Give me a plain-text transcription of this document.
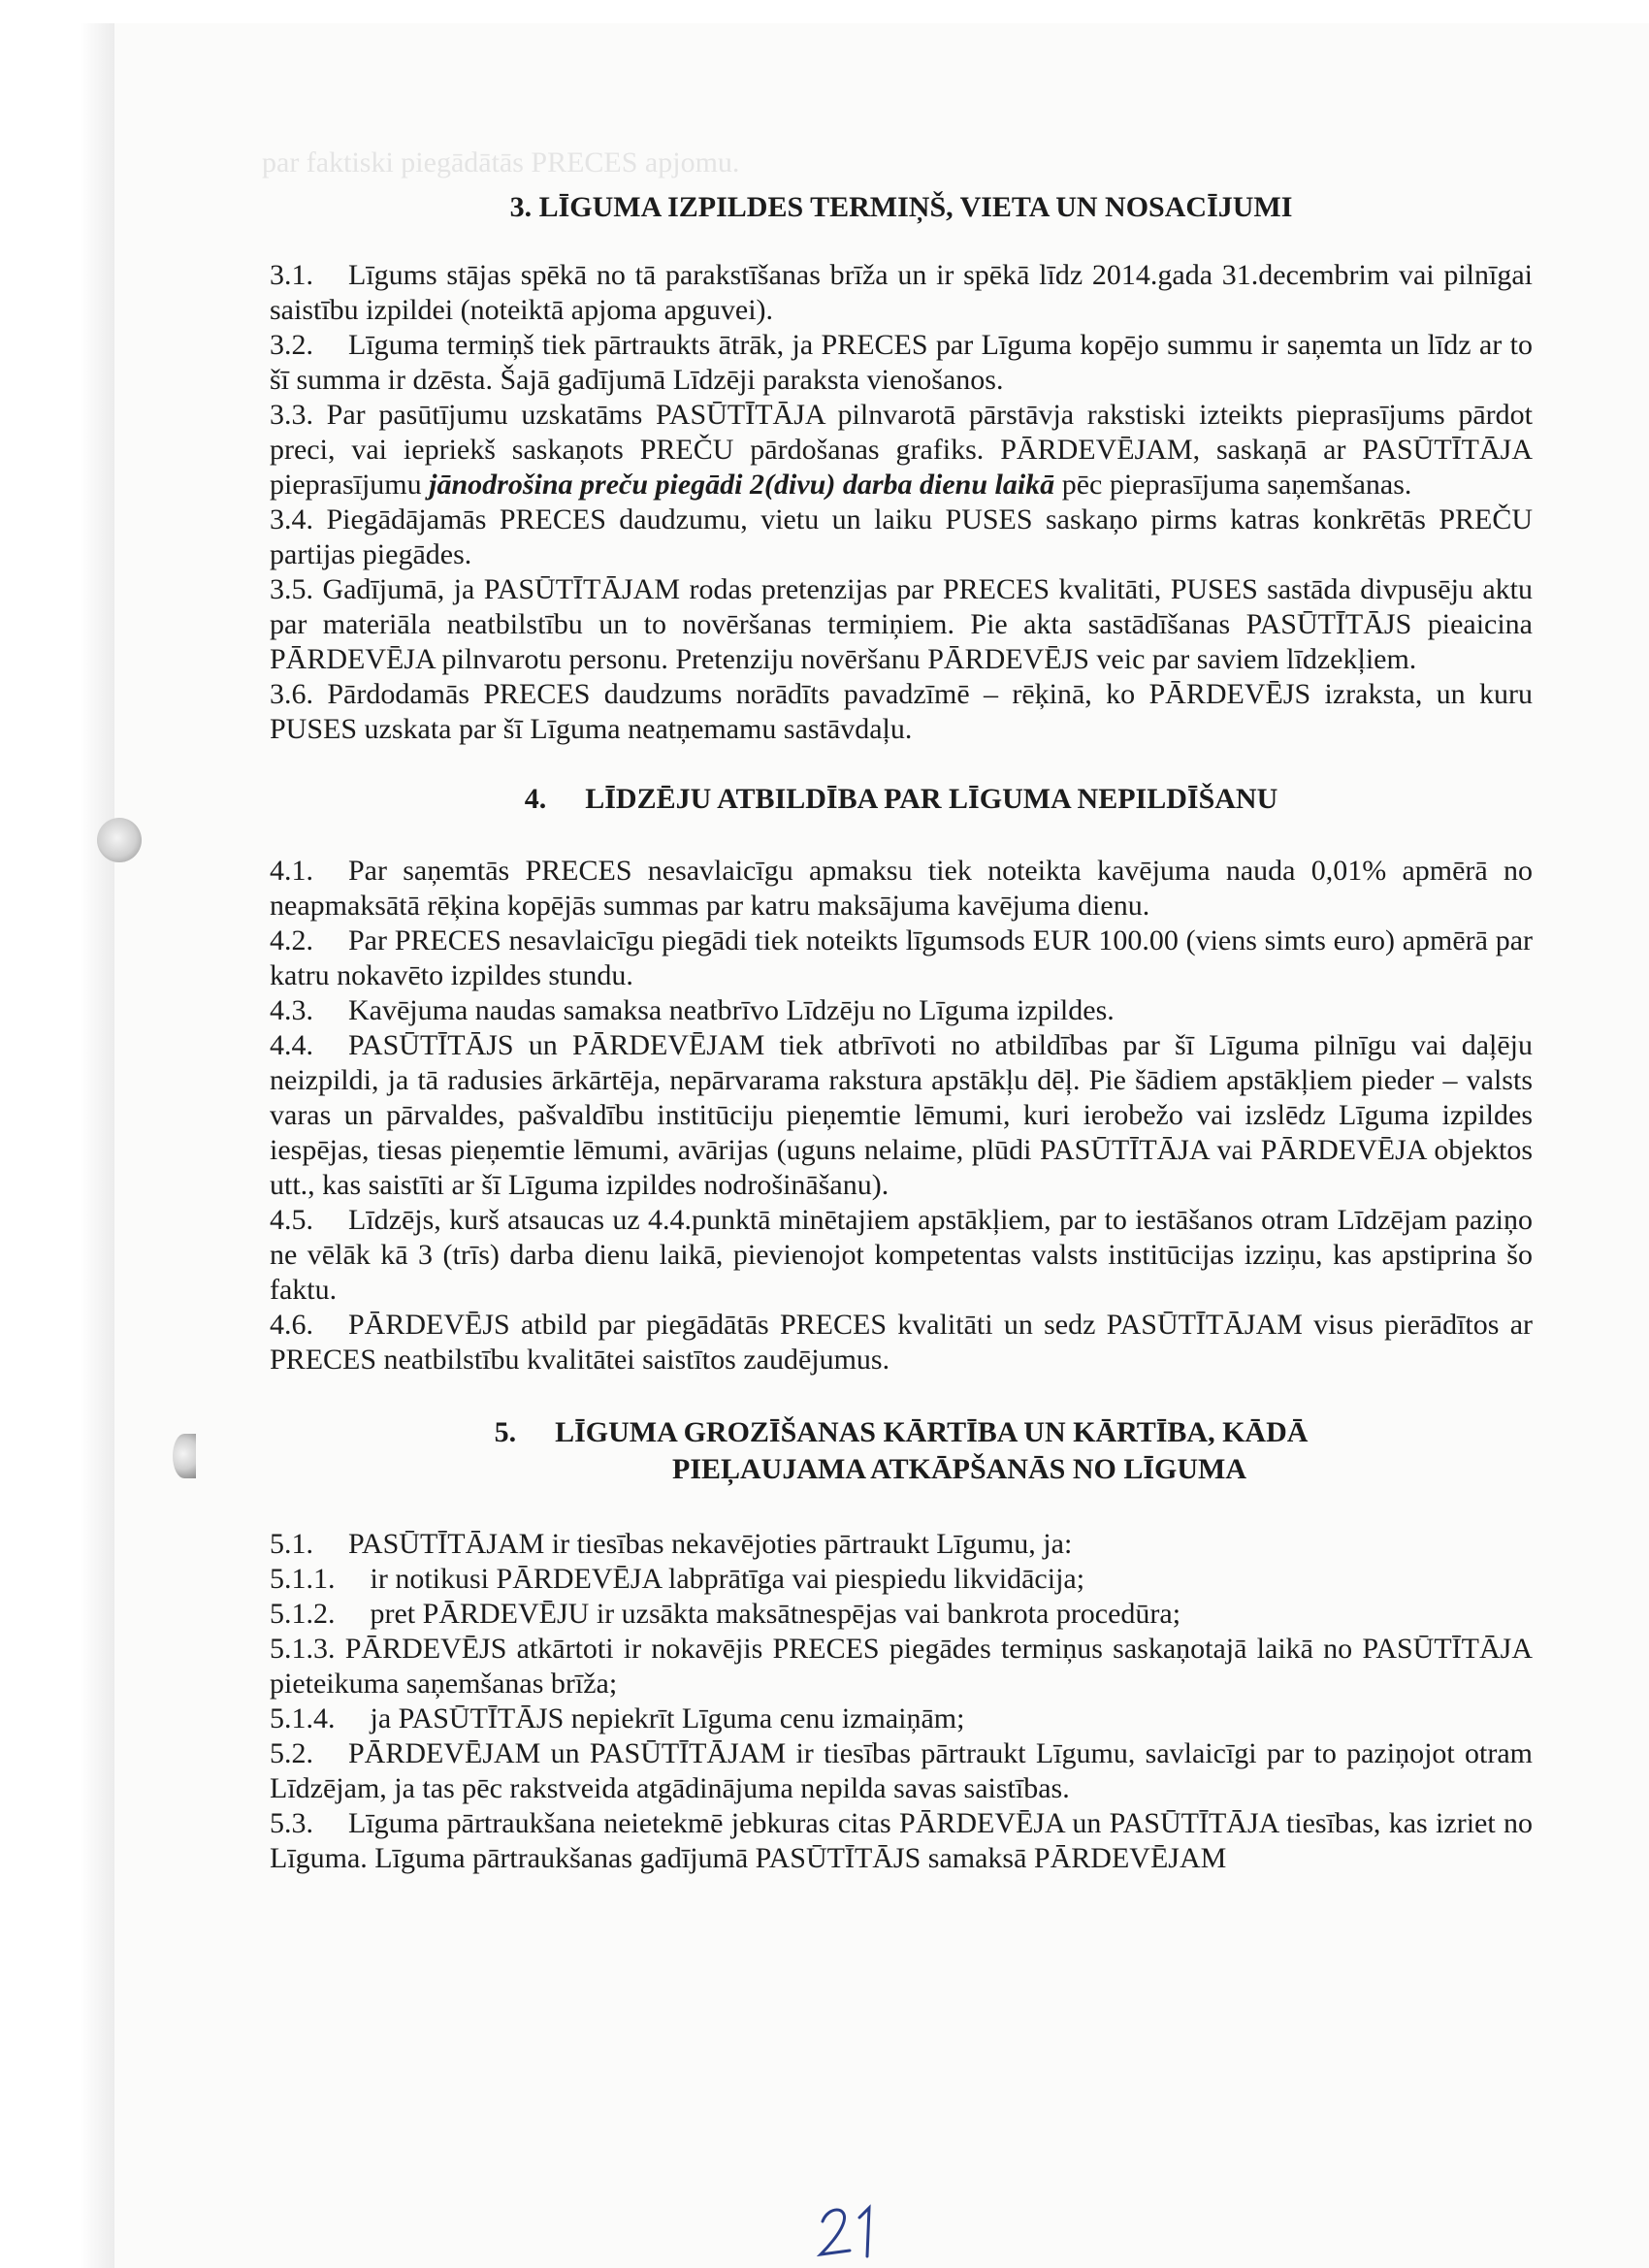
par faktiski piegādātās PRECES apjomu.
3. LĪGUMA IZPILDES TERMIŅŠ, VIETA UN NOSACĪJUMI

3.1. Līgums stājas spēkā no tā parakstīšanas brīža un ir spēkā līdz 2014.gada 31.decembrim vai pilnīgai saistību izpildei (noteiktā apjoma apguvei).

3.2. Līguma termiņš tiek pārtraukts ātrāk, ja PRECES par Līguma kopējo summu ir saņemta un līdz ar to šī summa ir dzēsta. Šajā gadījumā Līdzēji paraksta vienošanos.

3.3. Par pasūtījumu uzskatāms PASŪTĪTĀJA pilnvarotā pārstāvja rakstiski izteikts pieprasījums pārdot preci, vai iepriekš saskaņots PREČU pārdošanas grafiks. PĀRDEVĒJAM, saskaņā ar PASŪTĪTĀJA pieprasījumu jānodrošina preču piegādi 2(divu) darba dienu laikā pēc pieprasījuma saņemšanas.

3.4. Piegādājamās PRECES daudzumu, vietu un laiku PUSES saskaņo pirms katras konkrētās PREČU partijas piegādes.

3.5. Gadījumā, ja PASŪTĪTĀJAM rodas pretenzijas par PRECES kvalitāti, PUSES sastāda divpusēju aktu par materiāla neatbilstību un to novēršanas termiņiem. Pie akta sastādīšanas PASŪTĪTĀJS pieaicina PĀRDEVĒJA pilnvarotu personu. Pretenziju novēršanu PĀRDEVĒJS veic par saviem līdzekļiem.

3.6. Pārdodamās PRECES daudzums norādīts pavadzīmē – rēķinā, ko PĀRDEVĒJS izraksta, un kuru PUSES uzskata par šī Līguma neatņemamu sastāvdaļu.

4. LĪDZĒJU ATBILDĪBA PAR LĪGUMA NEPILDĪŠANU

4.1. Par saņemtās PRECES nesavlaicīgu apmaksu tiek noteikta kavējuma nauda 0,01% apmērā no neapmaksātā rēķina kopējās summas par katru maksājuma kavējuma dienu.

4.2. Par PRECES nesavlaicīgu piegādi tiek noteikts līgumsods EUR 100.00 (viens simts euro) apmērā par katru nokavēto izpildes stundu.

4.3. Kavējuma naudas samaksa neatbrīvo Līdzēju no Līguma izpildes.

4.4. PASŪTĪTĀJS un PĀRDEVĒJAM tiek atbrīvoti no atbildības par šī Līguma pilnīgu vai daļēju neizpildi, ja tā radusies ārkārtēja, nepārvarama rakstura apstākļu dēļ. Pie šādiem apstākļiem pieder – valsts varas un pārvaldes, pašvaldību institūciju pieņemtie lēmumi, kuri ierobežo vai izslēdz Līguma izpildes iespējas, tiesas pieņemtie lēmumi, avārijas (uguns nelaime, plūdi PASŪTĪTĀJA vai PĀRDEVĒJA objektos utt., kas saistīti ar šī Līguma izpildes nodrošināšanu).

4.5. Līdzējs, kurš atsaucas uz 4.4.punktā minētajiem apstākļiem, par to iestāšanos otram Līdzējam paziņo ne vēlāk kā 3 (trīs) darba dienu laikā, pievienojot kompetentas valsts institūcijas izziņu, kas apstiprina šo faktu.

4.6. PĀRDEVĒJS atbild par piegādātās PRECES kvalitāti un sedz PASŪTĪTĀJAM visus pierādītos ar PRECES neatbilstību kvalitātei saistītos zaudējumus.

5. LĪGUMA GROZĪŠANAS KĀRTĪBA UN KĀRTĪBA, KĀDĀ
PIEĻAUJAMA ATKĀPŠANĀS NO LĪGUMA

5.1. PASŪTĪTĀJAM ir tiesības nekavējoties pārtraukt Līgumu, ja:

5.1.1. ir notikusi PĀRDEVĒJA labprātīga vai piespiedu likvidācija;

5.1.2. pret PĀRDEVĒJU ir uzsākta maksātnespējas vai bankrota procedūra;

5.1.3. PĀRDEVĒJS atkārtoti ir nokavējis PRECES piegādes termiņus saskaņotajā laikā no PASŪTĪTĀJA pieteikuma saņemšanas brīža;

5.1.4. ja PASŪTĪTĀJS nepiekrīt Līguma cenu izmaiņām;

5.2. PĀRDEVĒJAM un PASŪTĪTĀJAM ir tiesības pārtraukt Līgumu, savlaicīgi par to paziņojot otram Līdzējam, ja tas pēc rakstveida atgādinājuma nepilda savas saistības.

5.3. Līguma pārtraukšana neietekmē jebkuras citas PĀRDEVĒJA un PASŪTĪTĀJA tiesības, kas izriet no Līguma. Līguma pārtraukšanas gadījumā PASŪTĪTĀJS samaksā PĀRDEVĒJAM
